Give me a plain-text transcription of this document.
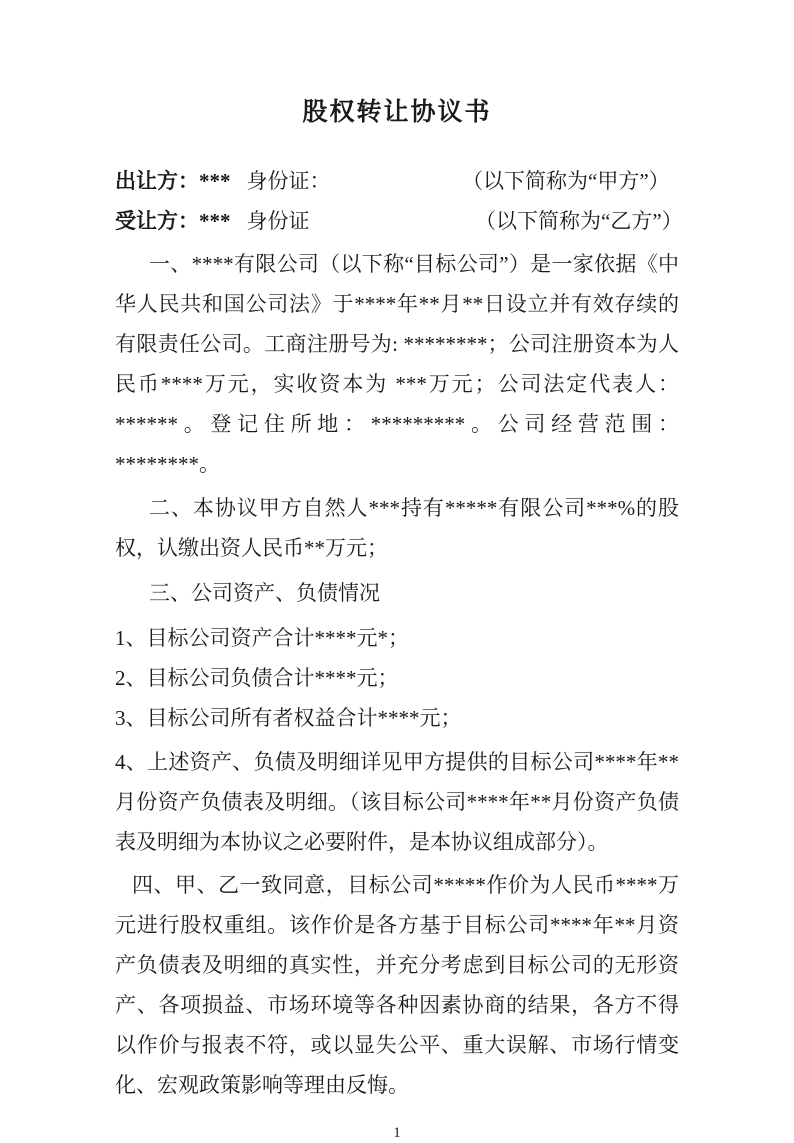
股权转让协议书
出让方：*** 身份证：	（以下简称为“甲方”）
受让方：*** 身份证	（以下简称为“乙方”）

一、****有限公司（以下称“目标公司”）是一家依据《中华人民共和国公司法》于****年**月**日设立并有效存续的有限责任公司。工商注册号为: ********；公司注册资本为人民币****万元，实收资本为 ***万元；公司法定代表人：******。登记住所地：*********。公司经营范围：********。

二、本协议甲方自然人***持有*****有限公司***%的股权，认缴出资人民币**万元；

三、公司资产、负债情况

1、目标公司资产合计****元*；

2、目标公司负债合计****元；

3、目标公司所有者权益合计****元；

4、上述资产、负债及明细详见甲方提供的目标公司****年**月份资产负债表及明细。（该目标公司****年**月份资产负债表及明细为本协议之必要附件，是本协议组成部分）。

四、甲、乙一致同意，目标公司*****作价为人民币****万元进行股权重组。该作价是各方基于目标公司****年**月资产负债表及明细的真实性，并充分考虑到目标公司的无形资产、各项损益、市场环境等各种因素协商的结果，各方不得以作价与报表不符，或以显失公平、重大误解、市场行情变化、宏观政策影响等理由反悔。

1
